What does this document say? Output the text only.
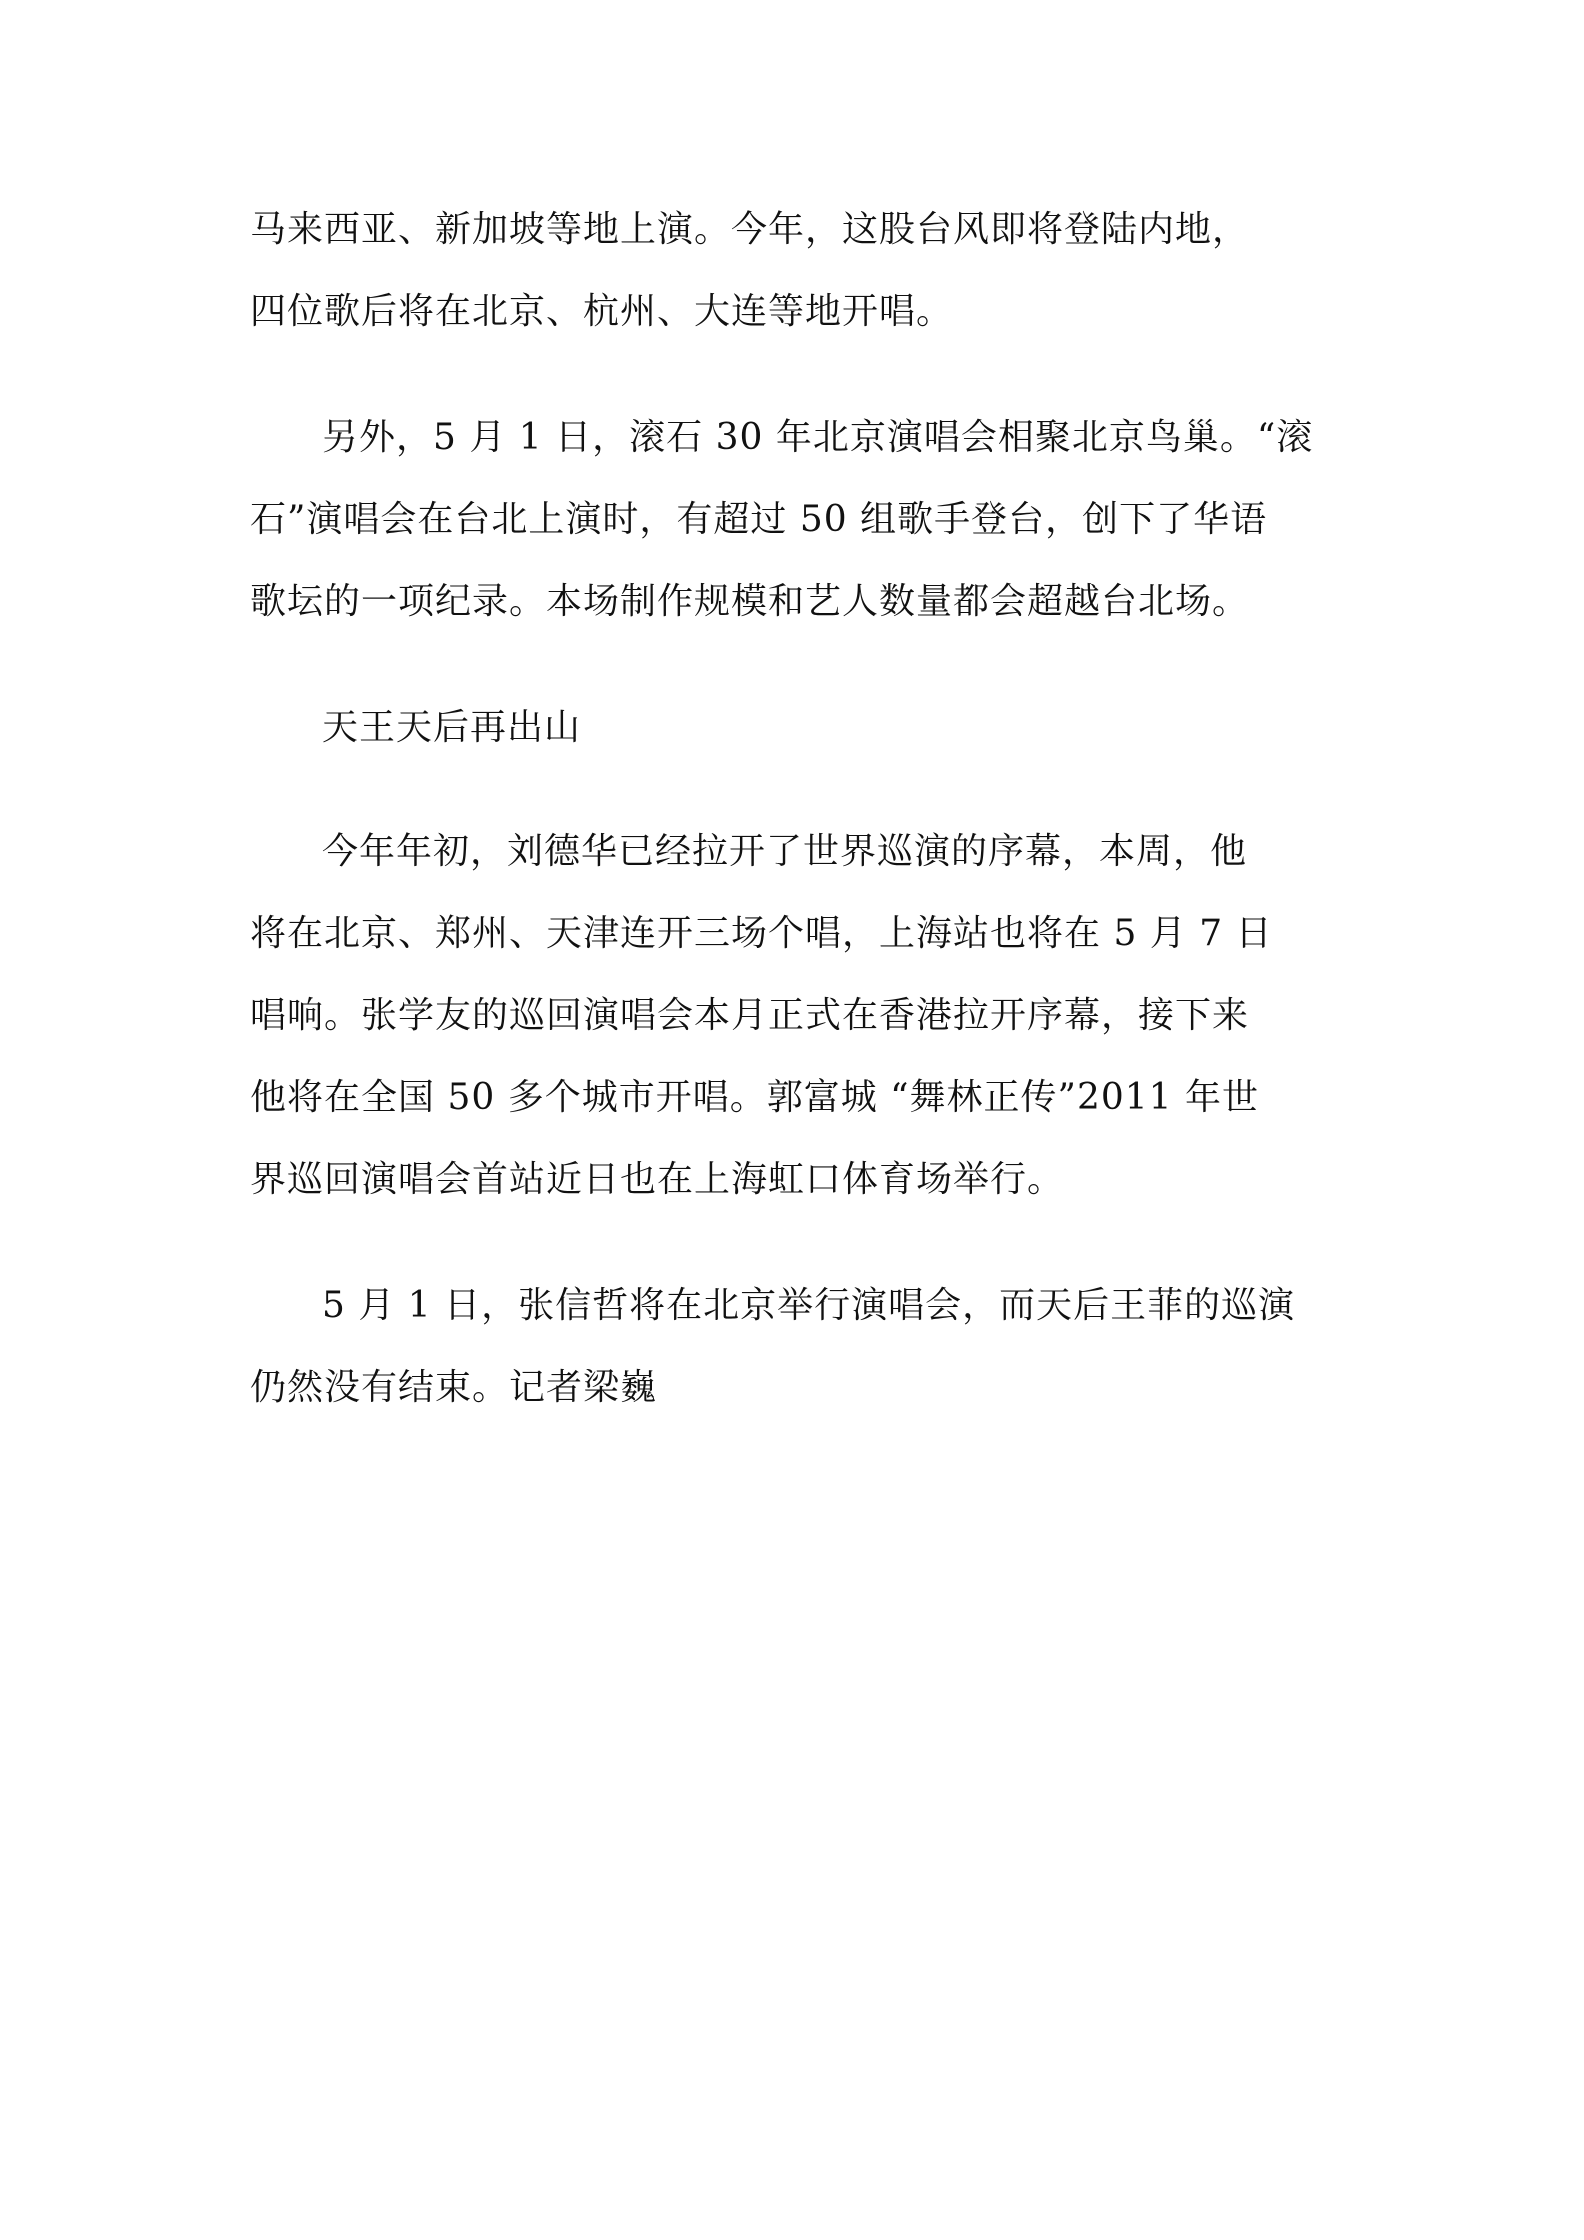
马来西亚、新加坡等地上演。今年，这股台风即将登陆内地，
四位歌后将在北京、杭州、大连等地开唱。
另外，5 月 1 日，滚石 30 年北京演唱会相聚北京鸟巢。“滚
石”演唱会在台北上演时，有超过 50 组歌手登台，创下了华语
歌坛的一项纪录。本场制作规模和艺人数量都会超越台北场。
天王天后再出山
今年年初，刘德华已经拉开了世界巡演的序幕，本周，他
将在北京、郑州、天津连开三场个唱，上海站也将在 5 月 7 日
唱响。张学友的巡回演唱会本月正式在香港拉开序幕，接下来
他将在全国 50 多个城市开唱。郭富城 “舞林正传”2011 年世
界巡回演唱会首站近日也在上海虹口体育场举行。
5 月 1 日，张信哲将在北京举行演唱会，而天后王菲的巡演
仍然没有结束。记者梁巍
